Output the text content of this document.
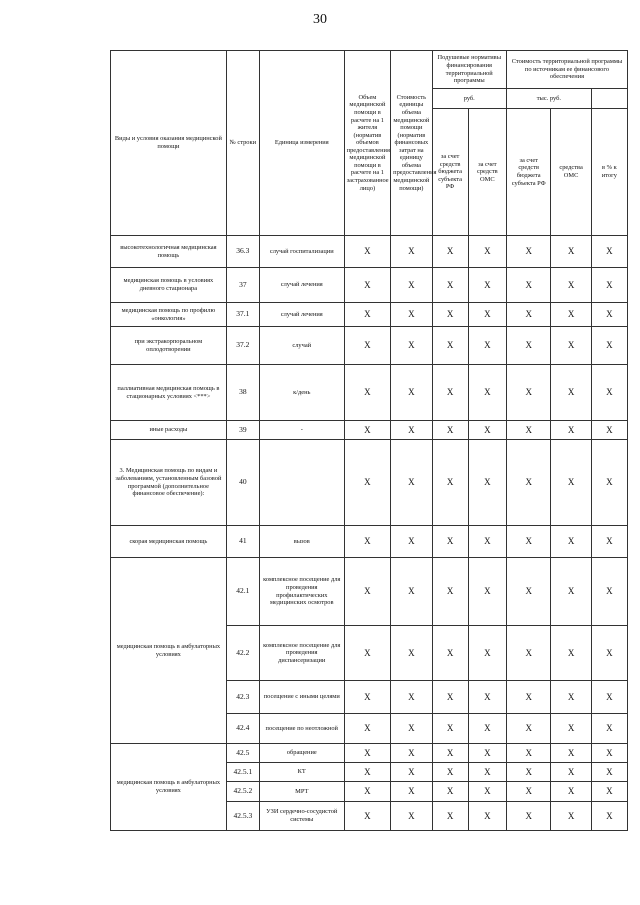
30
Виды и условия оказания медицинской помощи	№ строки	Единица измерения	Объем медицинской помощи в расчете на 1 жителя (норматив объемов предоставления медицинской помощи в расчете на 1 застрахованное лицо)	Стоимость единицы объема медицинской помощи (норматив финансовых затрат на единицу объема предоставления медицинской помощи)	Подушевые нормативы финансирования территориальной программы		Стоимость территориальной программы по источникам ее финансового обеспечения		
					руб.		тыс. руб.		
					за счет средств бюджета субъекта РФ	за счет средств ОМС	за счет средств бюджета субъекта РФ	средства ОМС	в % к итогу
высокотехнологичная медицинская помощь	36.3	случай госпитализации	X	X	X	X	X	X	X
медицинская помощь в условиях дневного стационара	37	случай лечения	X	X	X	X	X	X	X
медицинская помощь по профилю «онкология»	37.1	случай лечения	X	X	X	X	X	X	X
при экстракорпоральном оплодотворении	37.2	случай	X	X	X	X	X	X	X
паллиативная медицинская помощь в стационарных условиях <***>	38	к/день	X	X	X	X	X	X	X
иные расходы	39	-	X	X	X	X	X	X	X
3. Медицинская помощь по видам и заболеваниям, установленным базовой программой (дополнительное финансовое обеспечение):	40		X	X	X	X	X	X	X
скорая медицинская помощь	41	вызов	X	X	X	X	X	X	X
медицинская помощь в амбулаторных условиях	42.1	комплексное посещение для проведения профилактических медицинских осмотров	X	X	X	X	X	X	X
	42.2	комплексное посещение для проведения диспансеризации	X	X	X	X	X	X	X
	42.3	посещение с иными целями	X	X	X	X	X	X	X
	42.4	посещение по неотложной	X	X	X	X	X	X	X
медицинская помощь в амбулаторных условиях	42.5	обращение	X	X	X	X	X	X	X
	42.5.1	КТ	X	X	X	X	X	X	X
	42.5.2	МРТ	X	X	X	X	X	X	X
	42.5.3	УЗИ сердечно-сосудистой системы	X	X	X	X	X	X	X
